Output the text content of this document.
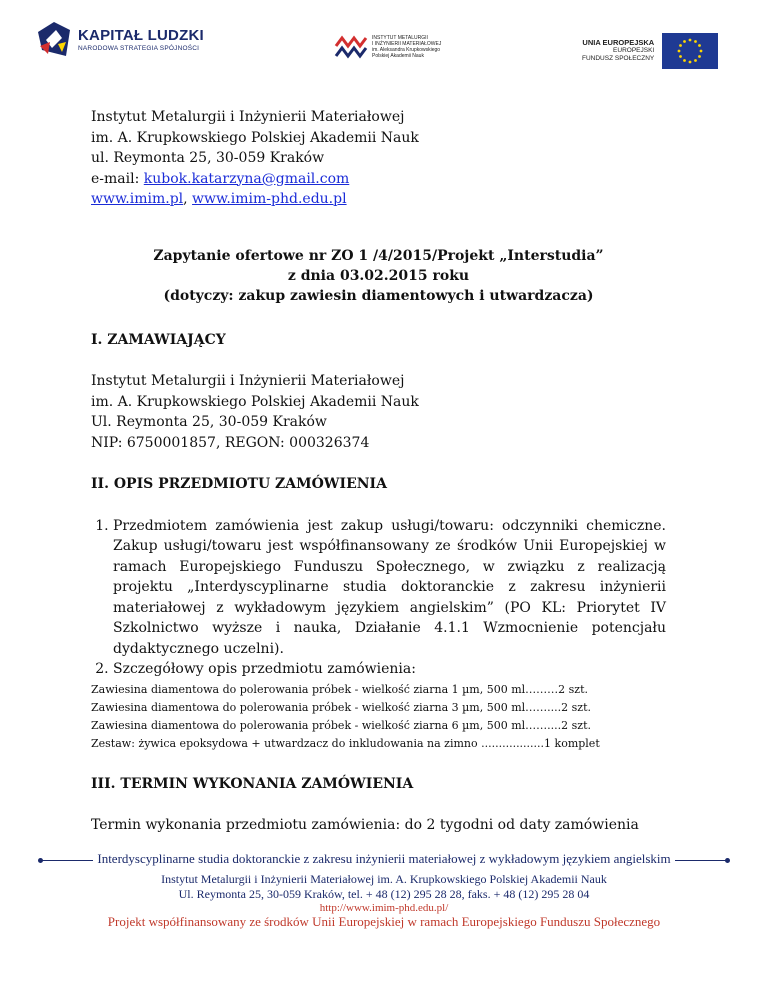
KAPITAŁ LUDZKI
NARODOWA STRATEGIA SPÓJNOŚCI
INSTYTUT METALURGII
I INŻYNIERII MATERIAŁOWEJ
im. Aleksandra Krupkowskiego
Polskiej Akademii Nauk
UNIA EUROPEJSKA
EUROPEJSKI
FUNDUSZ SPOŁECZNY

Instytut Metalurgii i Inżynierii Materiałowej

im. A. Krupkowskiego Polskiej Akademii Nauk

ul. Reymonta 25, 30-059 Kraków

e-mail: kubok.katarzyna@gmail.com

www.imim.pl, www.imim-phd.edu.pl

Zapytanie ofertowe nr ZO 1 /4/2015/Projekt „Interstudia”

z dnia 03.02.2015 roku

(dotyczy: zakup zawiesin diamentowych i utwardzacza)

I. ZAMAWIAJĄCY

Instytut Metalurgii i Inżynierii Materiałowej

im. A. Krupkowskiego Polskiej Akademii Nauk

Ul. Reymonta 25, 30-059 Kraków

NIP: 6750001857, REGON: 000326374

II. OPIS PRZEDMIOTU ZAMÓWIENIA
1. Przedmiotem zamówienia jest zakup usługi/towaru: odczynniki chemiczne. Zakup usługi/towaru jest współfinansowany ze środków Unii Europejskiej w ramach Europejskiego Funduszu Społecznego, w związku z realizacją projektu „Interdyscyplinarne studia doktoranckie z zakresu inżynierii materiałowej z wykładowym językiem angielskim” (PO KL: Priorytet IV Szkolnictwo wyższe i nauka, Działanie 4.1.1 Wzmocnienie potencjału dydaktycznego uczelni).
2. Szczegółowy opis przedmiotu zamówienia:

Zawiesina diamentowa do polerowania próbek - wielkość ziarna 1 µm, 500 ml………2 szt.

Zawiesina diamentowa do polerowania próbek - wielkość ziarna 3 µm, 500 ml……....2 szt.

Zawiesina diamentowa do polerowania próbek - wielkość ziarna 6 µm, 500 ml……....2 szt.

Zestaw: żywica epoksydowa + utwardzacz do inkludowania na zimno ..................1 komplet

III. TERMIN WYKONANIA ZAMÓWIENIA

Termin wykonania przedmiotu zamówienia: do 2 tygodni od daty zamówienia

Interdyscyplinarne studia doktoranckie z zakresu inżynierii materiałowej z wykładowym językiem angielskim

Instytut Metalurgii i Inżynierii Materiałowej im. A. Krupkowskiego Polskiej Akademii Nauk

Ul. Reymonta 25, 30-059 Kraków, tel. + 48 (12) 295 28 28, faks. + 48 (12) 295 28 04

http://www.imim-phd.edu.pl/

Projekt współfinansowany ze środków Unii Europejskiej w ramach Europejskiego Funduszu Społecznego
